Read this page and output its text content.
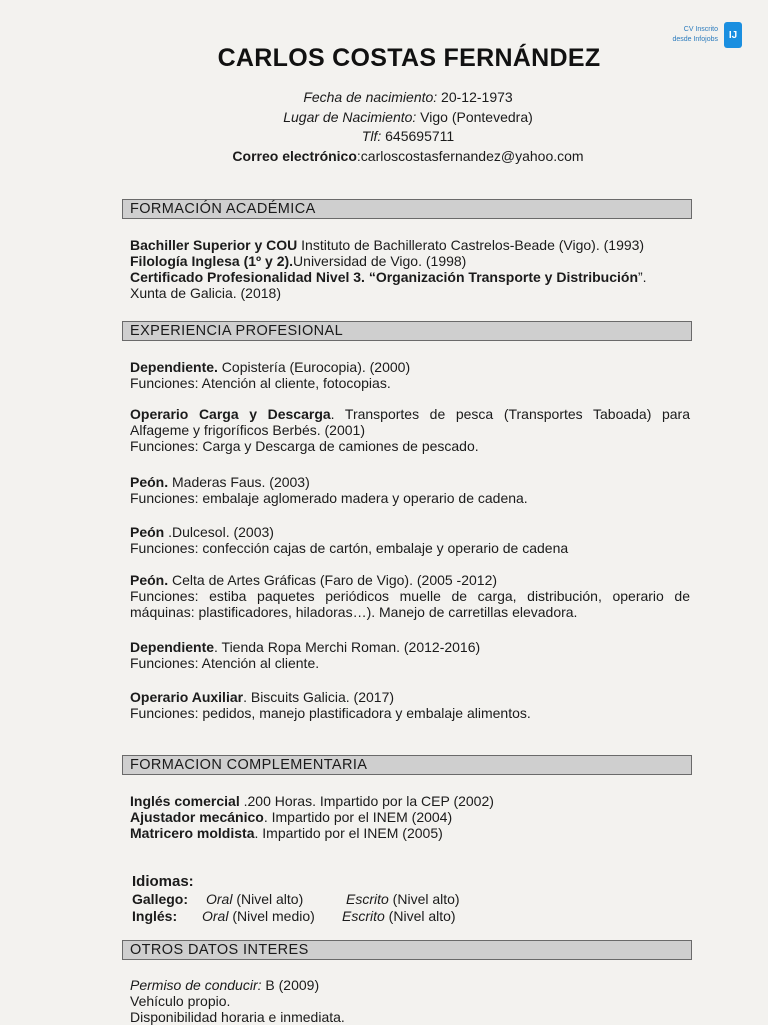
CV Inscrito
desde Infojobs	IJ
CARLOS COSTAS FERNÁNDEZ
Fecha de nacimiento: 20-12-1973
Lugar de Nacimiento: Vigo (Pontevedra)
Tlf: 645695711
Correo electrónico:carloscostasfernandez@yahoo.com
FORMACIÓN ACADÉMICA

Bachiller Superior y COU Instituto de Bachillerato Castrelos-Beade (Vigo). (1993)

Filología Inglesa (1º y 2).Universidad de Vigo. (1998)

Certificado Profesionalidad Nivel 3. “Organización Transporte y Distribución”.

Xunta de Galicia. (2018)

EXPERIENCIA PROFESIONAL

Dependiente. Copistería (Eurocopia). (2000)

Funciones: Atención al cliente, fotocopias.

Operario Carga y Descarga. Transportes de pesca (Transportes Taboada) para Alfageme y frigoríficos Berbés. (2001)

Funciones: Carga y Descarga de camiones de pescado.

Peón. Maderas Faus. (2003)

Funciones: embalaje aglomerado madera y operario de cadena.

Peón .Dulcesol. (2003)

Funciones: confección cajas de cartón, embalaje y operario de cadena

Peón. Celta de Artes Gráficas (Faro de Vigo). (2005 -2012)

Funciones: estiba paquetes periódicos muelle de carga, distribución, operario de máquinas: plastificadores, hiladoras…). Manejo de carretillas elevadora.

Dependiente. Tienda Ropa Merchi Roman. (2012-2016)

Funciones: Atención al cliente.

Operario Auxiliar. Biscuits Galicia. (2017)

Funciones: pedidos, manejo plastificadora y embalaje alimentos.

FORMACION COMPLEMENTARIA

Inglés comercial .200 Horas. Impartido por la CEP (2002)

Ajustador mecánico. Impartido por el INEM (2004)

Matricero moldista. Impartido por el INEM (2005)

Idiomas:
Gallego:	Oral (Nivel alto)	Escrito (Nivel alto)
Inglés:	Oral (Nivel medio)	Escrito (Nivel alto)
OTROS DATOS INTERES

Permiso de conducir: B (2009)

Vehículo propio.

Disponibilidad horaria e inmediata.
